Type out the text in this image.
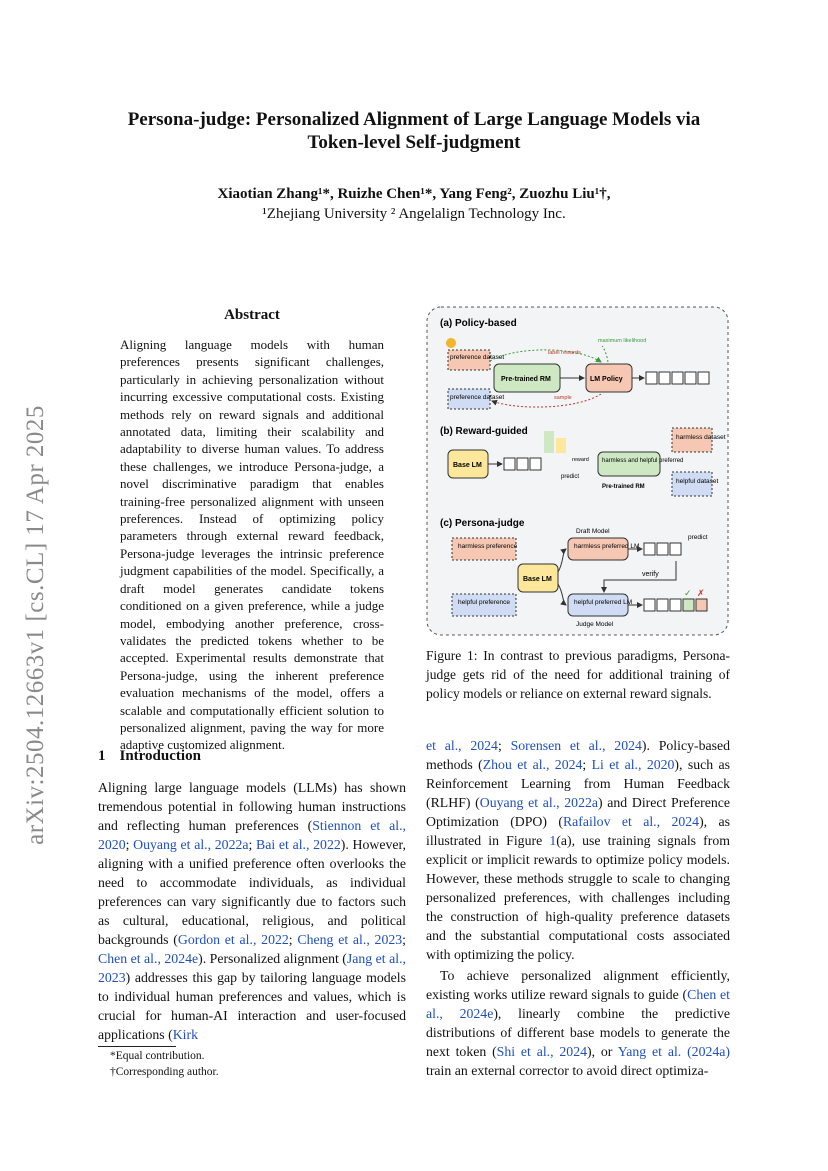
Persona-judge: Personalized Alignment of Large Language Models via
Token-level Self-judgment
Xiaotian Zhang¹*, Ruizhe Chen¹*, Yang Feng², Zuozhu Liu¹†,
¹Zhejiang University ² Angelalign Technology Inc.
arXiv:2504.12663v1 [cs.CL] 17 Apr 2025
Abstract
Aligning language models with human preferences presents significant challenges, particularly in achieving personalization without incurring excessive computational costs. Existing methods rely on reward signals and additional annotated data, limiting their scalability and adaptability to diverse human values. To address these challenges, we introduce Persona-judge, a novel discriminative paradigm that enables training-free personalized alignment with unseen preferences. Instead of optimizing policy parameters through external reward feedback, Persona-judge leverages the intrinsic preference judgment capabilities of the model. Specifically, a draft model generates candidate tokens conditioned on a given preference, while a judge model, embodying another preference, cross-validates the predicted tokens whether to be accepted. Experimental results demonstrate that Persona-judge, using the inherent preference evaluation mechanisms of the model, offers a scalable and computationally efficient solution to personalized alignment, paving the way for more adaptive customized alignment.
1 Introduction
Aligning large language models (LLMs) has shown tremendous potential in following human instructions and reflecting human preferences (Stiennon et al., 2020; Ouyang et al., 2022a; Bai et al., 2022). However, aligning with a unified preference often overlooks the need to accommodate individuals, as individual preferences can vary significantly due to factors such as cultural, educational, religious, and political backgrounds (Gordon et al., 2022; Cheng et al., 2023; Chen et al., 2024e). Personalized alignment (Jang et al., 2023) addresses this gap by tailoring language models to individual human preferences and values, which is crucial for human-AI interaction and user-focused applications (Kirk
*Equal contribution.
†Corresponding author.
(a) Policy-based
preference dataset
preference dataset
Pre-trained RM	LM Policy
label rewards
maximum likelihood
sample
(b) Reward-guided
Base LM
predict
reward harmless and helpful preferred
Pre-trained RM
harmless dataset
helpful dataset
(c) Persona-judge
harmless preference
helpful preference
Base LM
Draft Model
harmless preferred LM
helpful preferred LM
Judge Model
predict
verify
✓ ✗
Figure 1: In contrast to previous paradigms, Persona-judge gets rid of the need for additional training of policy models or reliance on external reward signals.
et al., 2024; Sorensen et al., 2024). Policy-based methods (Zhou et al., 2024; Li et al., 2020), such as Reinforcement Learning from Human Feedback (RLHF) (Ouyang et al., 2022a) and Direct Preference Optimization (DPO) (Rafailov et al., 2024), as illustrated in Figure 1(a), use training signals from explicit or implicit rewards to optimize policy models. However, these methods struggle to scale to changing personalized preferences, with challenges including the construction of high-quality preference datasets and the substantial computational costs associated with optimizing the policy.
To achieve personalized alignment efficiently, existing works utilize reward signals to guide (Chen et al., 2024e), linearly combine the predictive distributions of different base models to generate the next token (Shi et al., 2024), or Yang et al. (2024a) train an external corrector to avoid direct optimiza-
